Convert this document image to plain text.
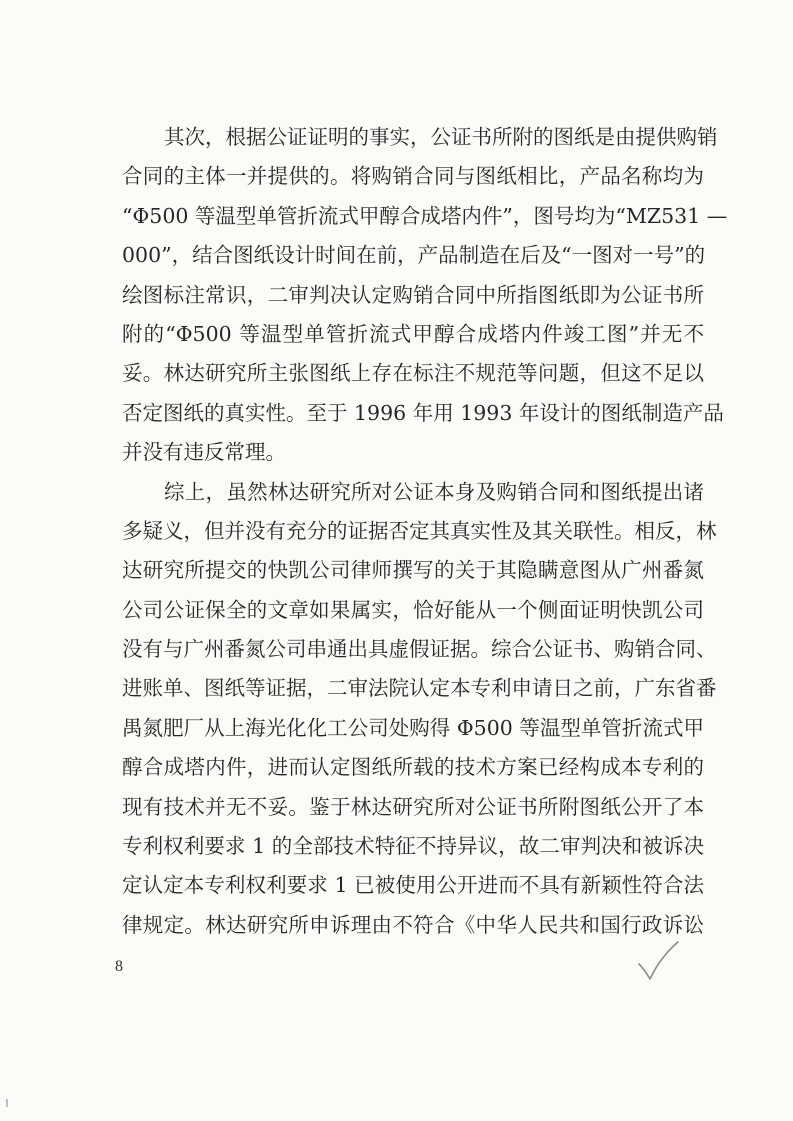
其次，根据公证证明的事实，公证书所附的图纸是由提供购销
合同的主体一并提供的。将购销合同与图纸相比，产品名称均为
“Φ500 等温型单管折流式甲醇合成塔内件”，图号均为“MZ531 —
000”，结合图纸设计时间在前，产品制造在后及“一图对一号”的
绘图标注常识，二审判决认定购销合同中所指图纸即为公证书所
附的“Φ500 等温型单管折流式甲醇合成塔内件竣工图”并无不
妥。林达研究所主张图纸上存在标注不规范等问题，但这不足以
否定图纸的真实性。至于 1996 年用 1993 年设计的图纸制造产品
并没有违反常理。
综上，虽然林达研究所对公证本身及购销合同和图纸提出诸
多疑义，但并没有充分的证据否定其真实性及其关联性。相反，林
达研究所提交的快凯公司律师撰写的关于其隐瞒意图从广州番氮
公司公证保全的文章如果属实，恰好能从一个侧面证明快凯公司
没有与广州番氮公司串通出具虚假证据。综合公证书、购销合同、
进账单、图纸等证据，二审法院认定本专利申请日之前，广东省番
禺氮肥厂从上海光化化工公司处购得 Φ500 等温型单管折流式甲
醇合成塔内件，进而认定图纸所载的技术方案已经构成本专利的
现有技术并无不妥。鉴于林达研究所对公证书所附图纸公开了本
专利权利要求 1 的全部技术特征不持异议，故二审判决和被诉决
定认定本专利权利要求 1 已被使用公开进而不具有新颖性符合法
律规定。林达研究所申诉理由不符合《中华人民共和国行政诉讼
8
